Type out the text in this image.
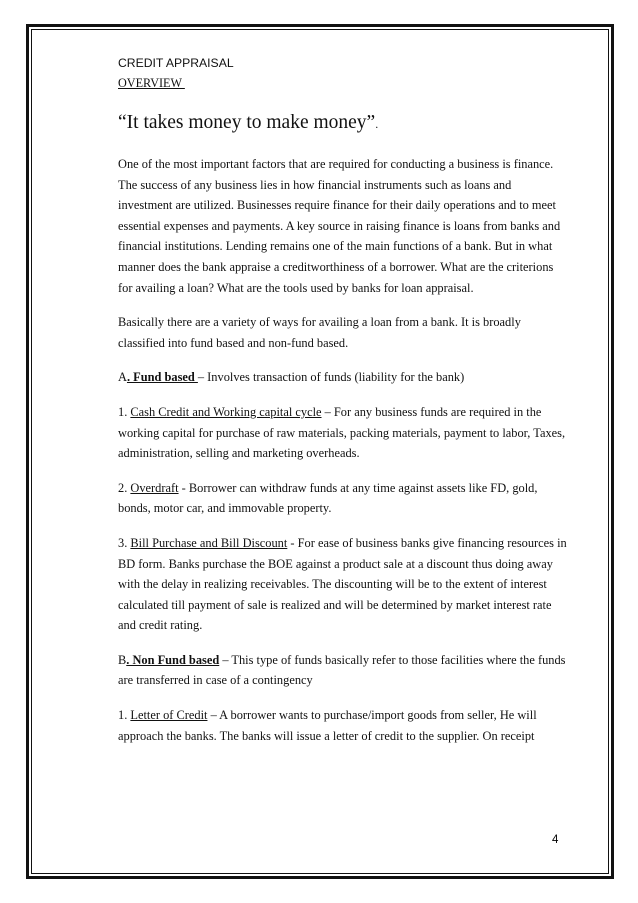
CREDIT APPRAISAL

OVERVIEW

“It takes money to make money”.

One of the most important factors that are required for conducting a business is finance. The success of any business lies in how financial instruments such as loans and investment are utilized. Businesses require finance for their daily operations and to meet essential expenses and payments. A key source in raising finance is loans from banks and financial institutions. Lending remains one of the main functions of a bank. But in what manner does the bank appraise a creditworthiness of a borrower. What are the criterions for availing a loan? What are the tools used by banks for loan appraisal.

Basically there are a variety of ways for availing a loan from a bank. It is broadly classified into fund based and non-fund based.

A. Fund based – Involves transaction of funds (liability for the bank)

1. Cash Credit and Working capital cycle – For any business funds are required in the working capital for purchase of raw materials, packing materials, payment to labor, Taxes, administration, selling and marketing overheads.

2. Overdraft - Borrower can withdraw funds at any time against assets like FD, gold, bonds, motor car, and immovable property.

3. Bill Purchase and Bill Discount - For ease of business banks give financing resources in BD form. Banks purchase the BOE against a product sale at a discount thus doing away with the delay in realizing receivables. The discounting will be to the extent of interest calculated till payment of sale is realized and will be determined by market interest rate and credit rating.

B. Non Fund based – This type of funds basically refer to those facilities where the funds are transferred in case of a contingency

1. Letter of Credit – A borrower wants to purchase/import goods from seller, He will approach the banks. The banks will issue a letter of credit to the supplier. On receipt

4
